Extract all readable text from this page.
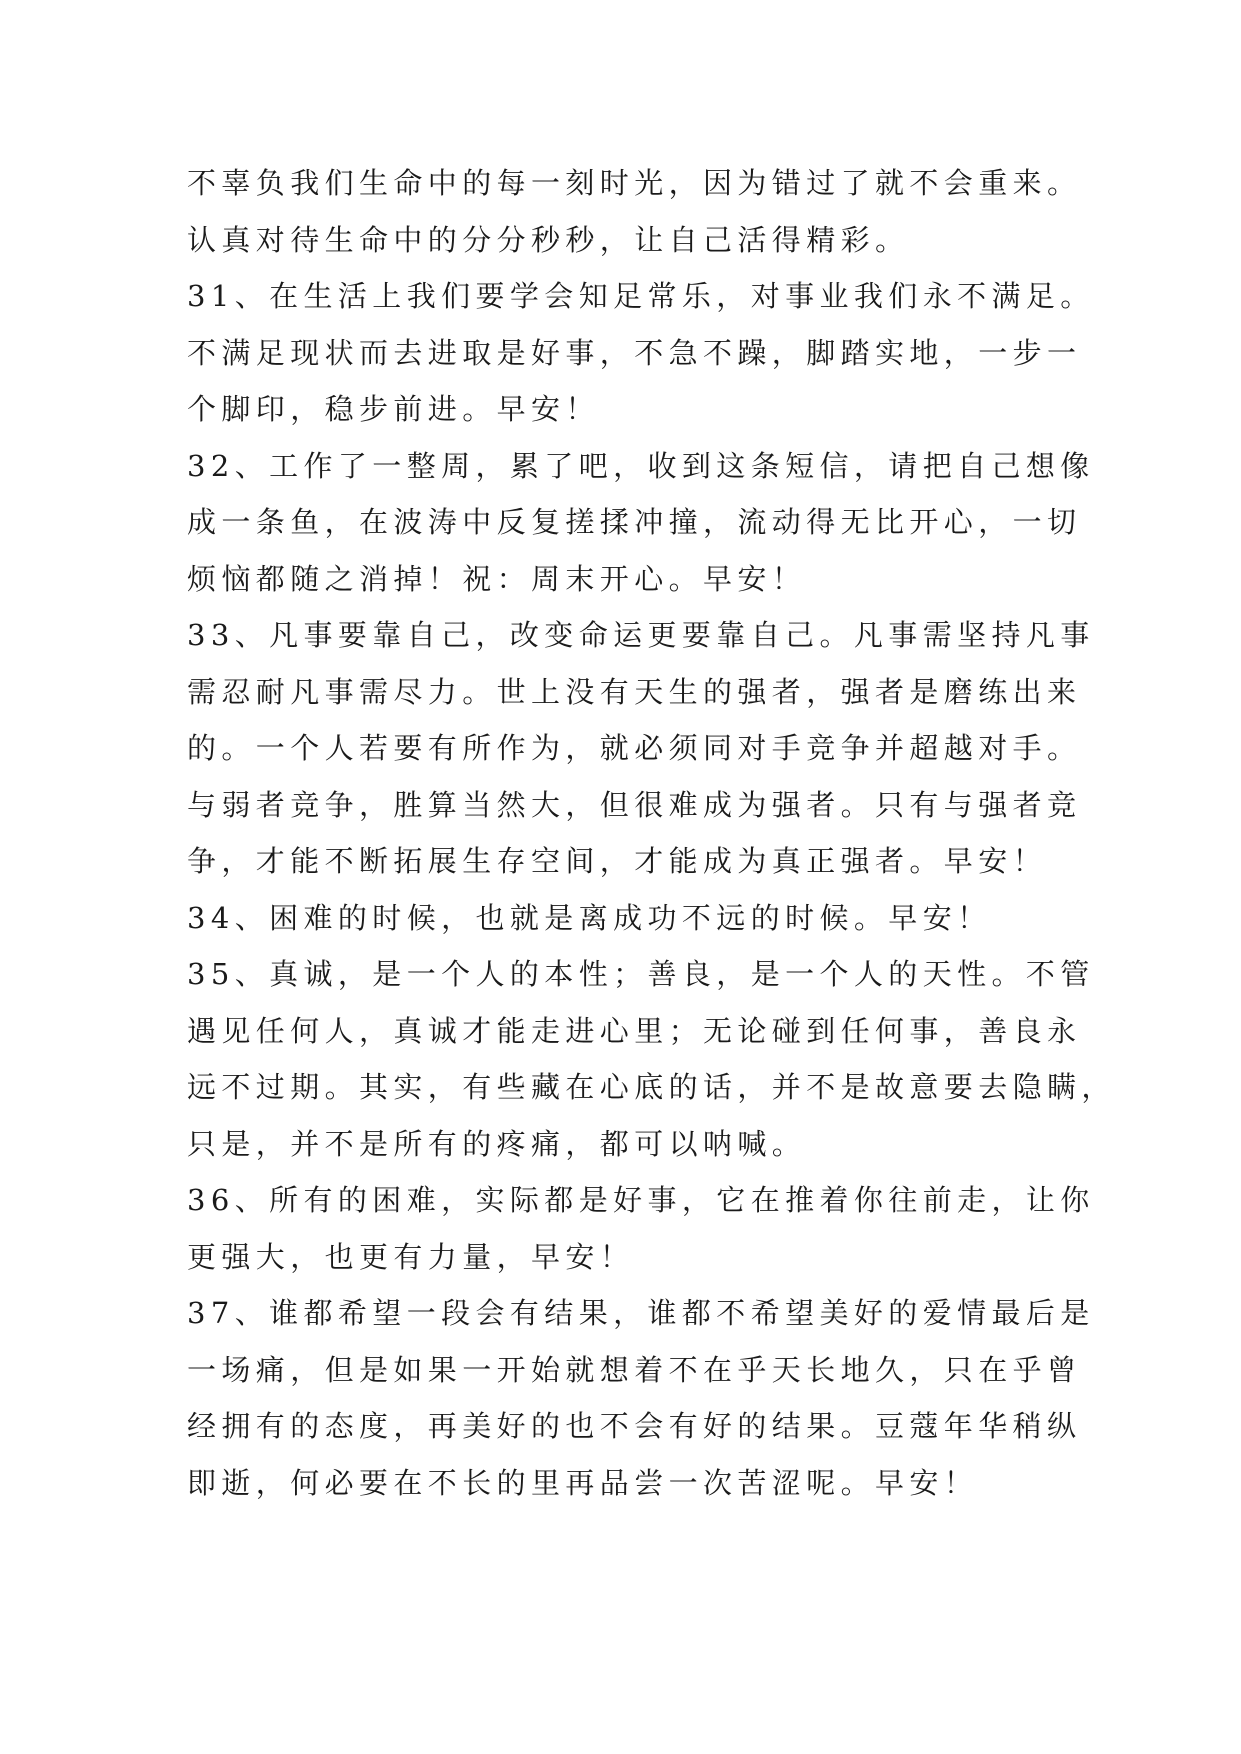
不辜负我们生命中的每一刻时光，因为错过了就不会重来。
认真对待生命中的分分秒秒，让自己活得精彩。
31、在生活上我们要学会知足常乐，对事业我们永不满足。
不满足现状而去进取是好事，不急不躁，脚踏实地，一步一
个脚印，稳步前进。早安！
32、工作了一整周，累了吧，收到这条短信，请把自己想像
成一条鱼，在波涛中反复搓揉冲撞，流动得无比开心，一切
烦恼都随之消掉！祝：周末开心。早安！
33、凡事要靠自己，改变命运更要靠自己。凡事需坚持凡事
需忍耐凡事需尽力。世上没有天生的强者，强者是磨练出来
的。一个人若要有所作为，就必须同对手竞争并超越对手。
与弱者竞争，胜算当然大，但很难成为强者。只有与强者竞
争，才能不断拓展生存空间，才能成为真正强者。早安！
34、困难的时候，也就是离成功不远的时候。早安！
35、真诚，是一个人的本性；善良，是一个人的天性。不管
遇见任何人，真诚才能走进心里；无论碰到任何事，善良永
远不过期。其实，有些藏在心底的话，并不是故意要去隐瞒，
只是，并不是所有的疼痛，都可以呐喊。
36、所有的困难，实际都是好事，它在推着你往前走，让你
更强大，也更有力量，早安！
37、谁都希望一段会有结果，谁都不希望美好的爱情最后是
一场痛，但是如果一开始就想着不在乎天长地久，只在乎曾
经拥有的态度，再美好的也不会有好的结果。豆蔻年华稍纵
即逝，何必要在不长的里再品尝一次苦涩呢。早安！
